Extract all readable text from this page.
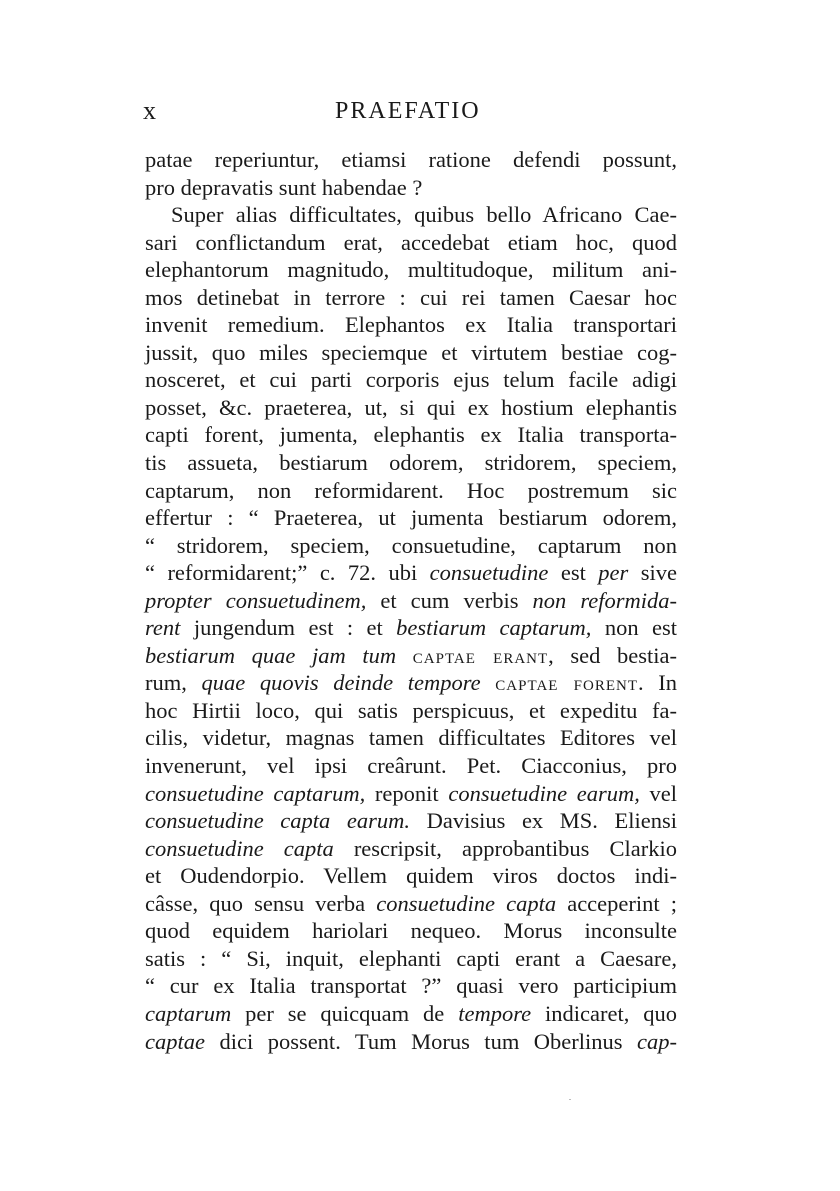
x	PRAEFATIO
patae reperiuntur, etiamsi ratione defendi possunt,
pro depravatis sunt habendae ?
Super alias difficultates, quibus bello Africano Cae-
sari conflictandum erat, accedebat etiam hoc, quod
elephantorum magnitudo, multitudoque, militum ani-
mos detinebat in terrore : cui rei tamen Caesar hoc
invenit remedium. Elephantos ex Italia transportari
jussit, quo miles speciemque et virtutem bestiae cog-
nosceret, et cui parti corporis ejus telum facile adigi
posset, &c. praeterea, ut, si qui ex hostium elephantis
capti forent, jumenta, elephantis ex Italia transporta-
tis assueta, bestiarum odorem, stridorem, speciem,
captarum, non reformidarent. Hoc postremum sic
effertur : “ Praeterea, ut jumenta bestiarum odorem,
“ stridorem, speciem, consuetudine, captarum non
“ reformidarent;” c. 72. ubi consuetudine est per sive
propter consuetudinem, et cum verbis non reformida-
rent jungendum est : et bestiarum captarum, non est
bestiarum quae jam tum captae erant, sed bestia-
rum, quae quovis deinde tempore captae forent. In
hoc Hirtii loco, qui satis perspicuus, et expeditu fa-
cilis, videtur, magnas tamen difficultates Editores vel
invenerunt, vel ipsi creârunt. Pet. Ciacconius, pro
consuetudine captarum, reponit consuetudine earum, vel
consuetudine capta earum. Davisius ex MS. Eliensi
consuetudine capta rescripsit, approbantibus Clarkio
et Oudendorpio. Vellem quidem viros doctos indi-
câsse, quo sensu verba consuetudine capta acceperint ;
quod equidem hariolari nequeo. Morus inconsulte
satis : “ Si, inquit, elephanti capti erant a Caesare,
“ cur ex Italia transportat ?” quasi vero participium
captarum per se quicquam de tempore indicaret, quo
captae dici possent. Tum Morus tum Oberlinus cap-
